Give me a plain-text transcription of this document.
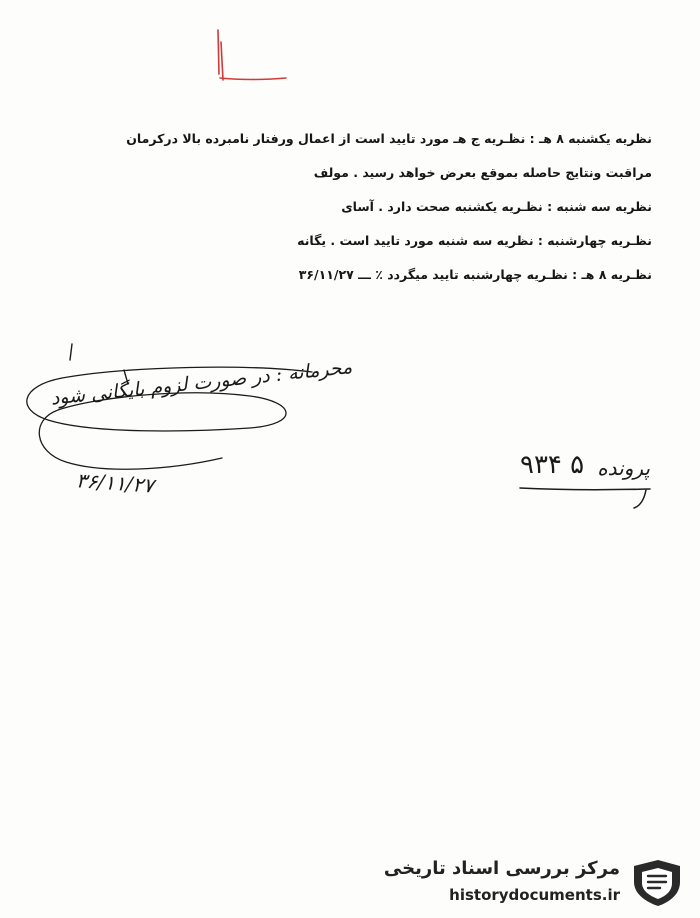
نظریه یکشنبه ۸ هـ : نظـریه ج هـ مورد تایید است از اعمال ورفتار نامبرده بالا درکرمان
مراقبت ونتایج حاصله بموقع بعرض خواهد رسید . مولف
نظریه سه شنبه : نظـریه یکشنبه صحت دارد . آسای
نظـریه چهارشنبه : نظریه سه شنبه مورد تایید است . یگانه
نظـریه ۸ هـ : نظـریه چهارشنبه تایید میگردد ٪ ـــ ۳۶/۱۱/۲۷
محرمانه : در صورت لزوم بایگانی شود
۳۶/۱۱/۲۷
پرونده
۹۳۴ ۵
مرکز بررسی اسناد تاریخی
historydocuments.ir
